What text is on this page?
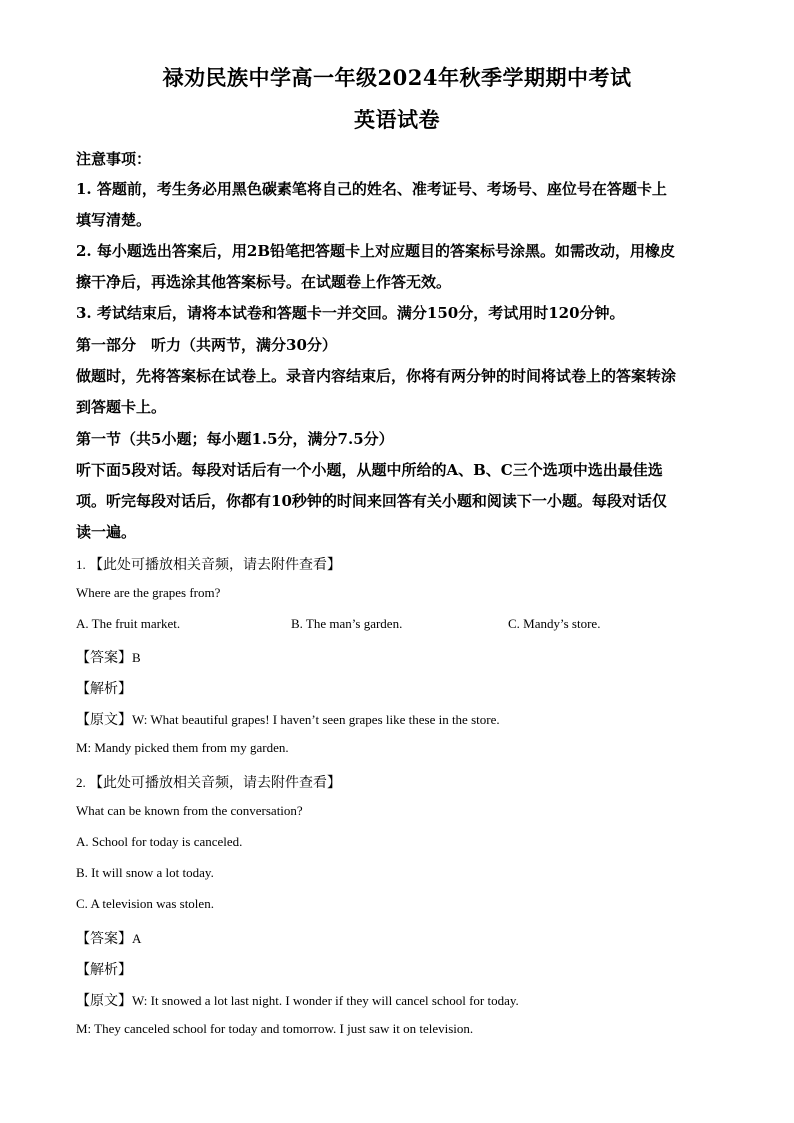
禄劝民族中学高一年级2024年秋季学期期中考试
英语试卷
注意事项：
1. 答题前，考生务必用黑色碳素笔将自己的姓名、准考证号、考场号、座位号在答题卡上
填写清楚。
2. 每小题选出答案后，用2B铅笔把答题卡上对应题目的答案标号涂黑。如需改动，用橡皮
擦干净后，再选涂其他答案标号。在试题卷上作答无效。
3. 考试结束后，请将本试卷和答题卡一并交回。满分150分，考试用时120分钟。
第一部分　听力（共两节，满分30分）
做题时，先将答案标在试卷上。录音内容结束后，你将有两分钟的时间将试卷上的答案转涂
到答题卡上。
第一节（共5小题；每小题1.5分，满分7.5分）
听下面5段对话。每段对话后有一个小题，从题中所给的A、B、C三个选项中选出最佳选
项。听完每段对话后，你都有10秒钟的时间来回答有关小题和阅读下一小题。每段对话仅
读一遍。
1. 【此处可播放相关音频，请去附件查看】
Where are the grapes from?
A. The fruit market.	B. The man’s garden.	C. Mandy’s store.
【答案】B
【解析】
【原文】W: What beautiful grapes! I haven’t seen grapes like these in the store.
M: Mandy picked them from my garden.
2. 【此处可播放相关音频，请去附件查看】
What can be known from the conversation?
A. School for today is canceled.
B. It will snow a lot today.
C. A television was stolen.
【答案】A
【解析】
【原文】W: It snowed a lot last night. I wonder if they will cancel school for today.
M: They canceled school for today and tomorrow. I just saw it on television.
